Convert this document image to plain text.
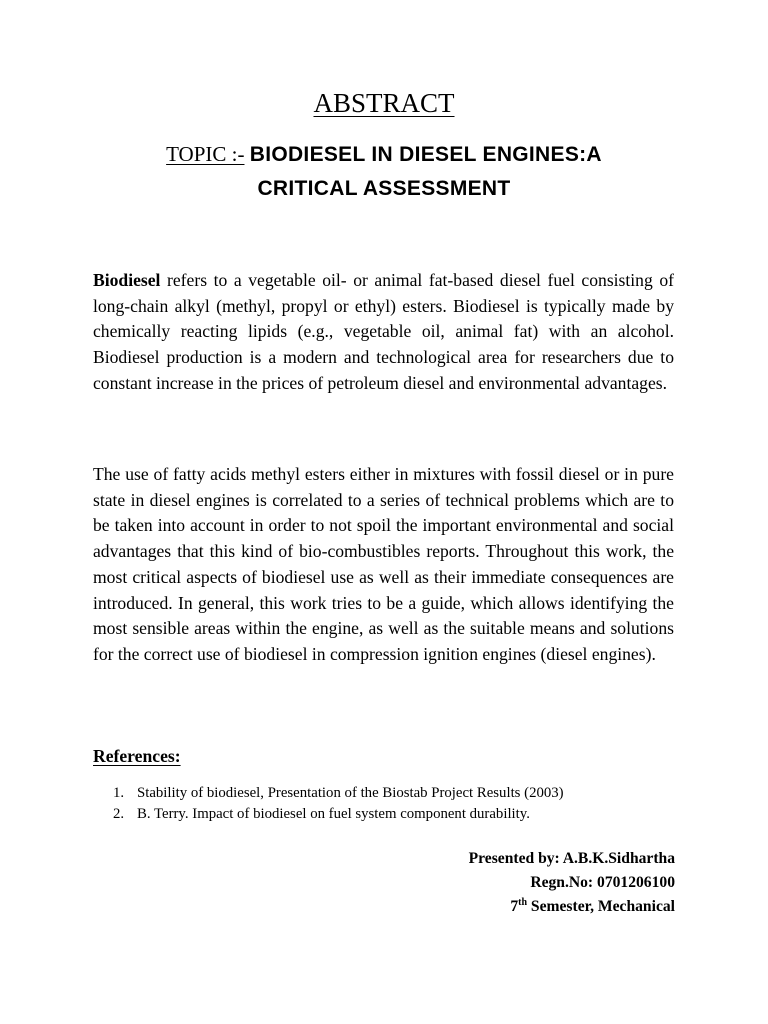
ABSTRACT
TOPIC :- BIODIESEL IN DIESEL ENGINES:A
CRITICAL ASSESSMENT

Biodiesel refers to a vegetable oil- or animal fat-based diesel fuel consisting of long-chain alkyl (methyl, propyl or ethyl) esters. Biodiesel is typically made by chemically reacting lipids (e.g., vegetable oil, animal fat) with an alcohol. Biodiesel production is a modern and technological area for researchers due to constant increase in the prices of petroleum diesel and environmental advantages.

The use of fatty acids methyl esters either in mixtures with fossil diesel or in pure state in diesel engines is correlated to a series of technical problems which are to be taken into account in order to not spoil the important environmental and social advantages that this kind of bio-combustibles reports. Throughout this work, the most critical aspects of biodiesel use as well as their immediate consequences are introduced. In general, this work tries to be a guide, which allows identifying the most sensible areas within the engine, as well as the suitable means and solutions for the correct use of biodiesel in compression ignition engines (diesel engines).

References:
1. Stability of biodiesel, Presentation of the Biostab Project Results (2003)
2. B. Terry. Impact of biodiesel on fuel system component durability.
Presented by: A.B.K.Sidhartha
Regn.No: 0701206100
7th Semester, Mechanical
